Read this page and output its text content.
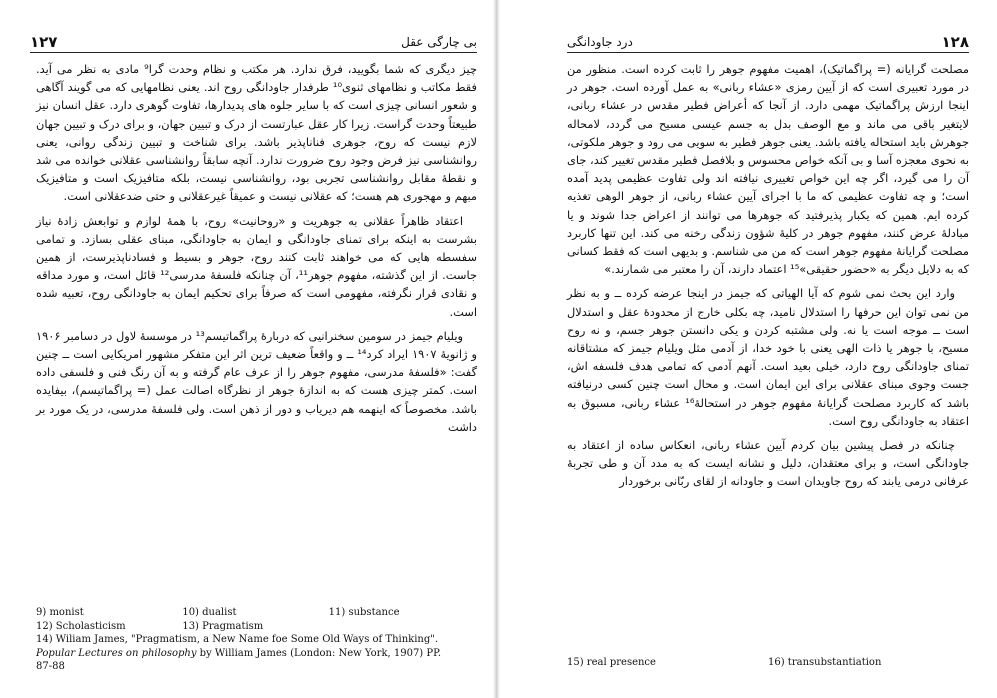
۱۲۷	بی چارگی عقل

چیز دیگری که شما بگویید، فرق ندارد. هر مکتب و نظام وحدت گرا⁹ مادی به نظر می آید. فقط مکاتب و نظامهای ثنوی¹⁰ طرفدار جاودانگی روح اند. یعنی نظامهایی که می گویند آگاهی و شعور انسانی چیزی است که با سایر جلوه های پدیدارها، تفاوت گوهری دارد. عقل انسان نیز طبیعتاً وحدت گراست. زیرا کار عقل عبارتست از درک و تبیین جهان، و برای درک و تبیین جهان لازم نیست که روح، جوهری فناناپذیر باشد. برای شناخت و تبیین زندگی روانی، یعنی روانشناسی نیز فرض وجود روح ضرورت ندارد. آنچه سابقاً روانشناسی عقلانی خوانده می شد و نقطهٔ مقابل روانشناسی تجربی بود، روانشناسی نیست، بلکه متافیزیک است و متافیزیک مبهم و مهجوری هم هست؛ که عقلانی نیست و عمیقاً غیرعقلانی و حتی ضدعقلانی است.

اعتقاد ظاهراً عقلانی به جوهریت و «روحانیت» روح، با همهٔ لوازم و توابعش زادهٔ نیاز بشرست به اینکه برای تمنای جاودانگی و ایمان به جاودانگی، مبنای عقلی بسازد. و تمامی سفسطه هایی که می خواهند ثابت کنند روح، جوهر و بسیط و فسادناپذیرست، از همین جاست. از این گذشته، مفهوم جوهر¹¹، آن چنانکه فلسفهٔ مدرسی¹² قائل است، و مورد مداقه و نقادی قرار نگرفته، مفهومی است که صرفاً برای تحکیم ایمان به جاودانگی روح، تعبیه شده است.

ویلیام جیمز در سومین سخنرانیی که دربارهٔ پراگماتیسم¹³ در موسسهٔ لاول در دسامبر ۱۹۰۶ و ژانویهٔ ۱۹۰۷ ایراد کرد¹⁴ ــ و واقعاً ضعیف ترین اثر این متفکر مشهور امریکایی است ــ چنین گفت: «فلسفهٔ مدرسی، مفهوم جوهر را از عرف عام گرفته و به آن رنگ فنی و فلسفی داده است. کمتر چیزی هست که به اندازهٔ جوهر از نظرگاه اصالت عمل (= پراگماتیسم)، بیفایده باشد. مخصوصاً که اینهمه هم دیریاب و دور از ذهن است. ولی فلسفهٔ مدرسی، در یک مورد بر داشت

9) monist	10) dualist	11) substance
12) Scholasticism	13) Pragmatism
14) Wiliam James, "Pragmatism, a New Name foe Some Old Ways of Thinking".
Popular Lectures on philosophy by William James (London: New York, 1907) PP.
87-88
درد جاودانگی	۱۲۸

مصلحت گرایانه (= پراگماتیک)، اهمیت مفهوم جوهر را ثابت کرده است. منظور من در مورد تعبیری است که از آیین رمزی «عشاء ربانی» به عمل آورده است. جوهر در اینجا ارزش پراگماتیک مهمی دارد. از آنجا که أعراض فطیر مقدس در عشاء ربانی، لایتغیر باقی می ماند و مع الوصف بدل به جسم عیسی مسیح می گردد، لامحاله جوهرش باید استحاله یافته باشد. یعنی جوهر فطیر به سویی می رود و جوهر ملکوتی، به نحوی معجزه آسا و بی آنکه خواص محسوس و بلافصل فطیر مقدس تغییر کند، جای آن را می گیرد، اگر چه این خواص تغییری نیافته اند ولی تفاوت عظیمی پدید آمده است؛ و چه تفاوت عظیمی که ما با اجرای آیین عشاء ربانی، از جوهر الوهی تغذیه کرده ایم. همین که یکبار پذیرفتید که جوهرها می توانند از اعراض جدا شوند و یا مبادلهٔ عرض کنند، مفهوم جوهر در کلیهٔ شؤون زندگی رخنه می کند. این تنها کاربرد مصلحت گرایانهٔ مفهوم جوهر است که من می شناسم. و بدیهی است که فقط کسانی که به دلایل دیگر به «حضور حقیقی»¹⁵ اعتماد دارند، آن را معتبر می شمارند.»

وارد این بحث نمی شوم که آیا الهیاتی که جیمز در اینجا عرضه کرده ــ و به نظر من نمی توان این حرفها را استدلال نامید، چه بکلی خارج از محدودهٔ عقل و استدلال است ــ موجه است یا نه. ولی مشتبه کردن و یکی دانستن جوهر جسم، و نه روح مسیح، با جوهر یا ذات الهی یعنی با خود خدا، از آدمی مثل ویلیام جیمز که مشتاقانه تمنای جاودانگی روح دارد، خیلی بعید است. آنهم آدمی که تمامی هدف فلسفه اش، جست وجوی مبنای عقلانی برای این ایمان است. و محال است چنین کسی درنیافته باشد که کاربرد مصلحت گرایانهٔ مفهوم جوهر در استحالهٔ¹⁶ عشاء ربانی، مسبوق به اعتقاد به جاودانگی روح است.

چنانکه در فصل پیشین بیان کردم آیین عشاء ربانی، انعکاس ساده از اعتقاد به جاودانگی است، و برای معتقدان، دلیل و نشانه ایست که به مدد آن و طی تجربهٔ عرفانی درمی یابند که روح جاویدان است و جاودانه از لقای ربّانی برخوردار

15) real presence	16) transubstantiation
